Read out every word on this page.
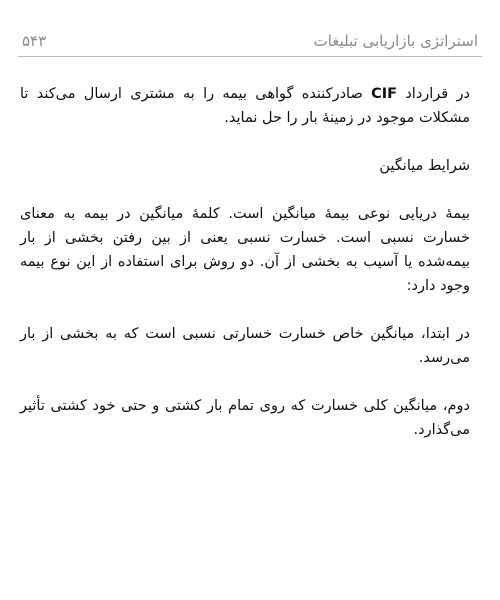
استراتژی بازاریابی تبلیغات
۵۴۳

در قرارداد CIF صادرکننده گواهی بیمه را به مشتری ارسال می‌کند تا مشکلات موجود در زمینهٔ بار را حل نماید.

شرایط میانگین

بیمهٔ دریایی نوعی بیمهٔ میانگین است. کلمهٔ میانگین در بیمه به معنای خسارت نسبی است. خسارت نسبی یعنی از بین رفتن بخشی از بار بیمه‌شده یا آسیب به بخشی از آن. دو روش برای استفاده از این نوع بیمه وجود دارد:

در ابتدا، میانگین خاص خسارت خسارتی نسبی است که به بخشی از بار می‌رسد.

دوم، میانگین کلی خسارت که روی تمام بار کشتی و حتی خود کشتی تأثیر می‌گذارد.
